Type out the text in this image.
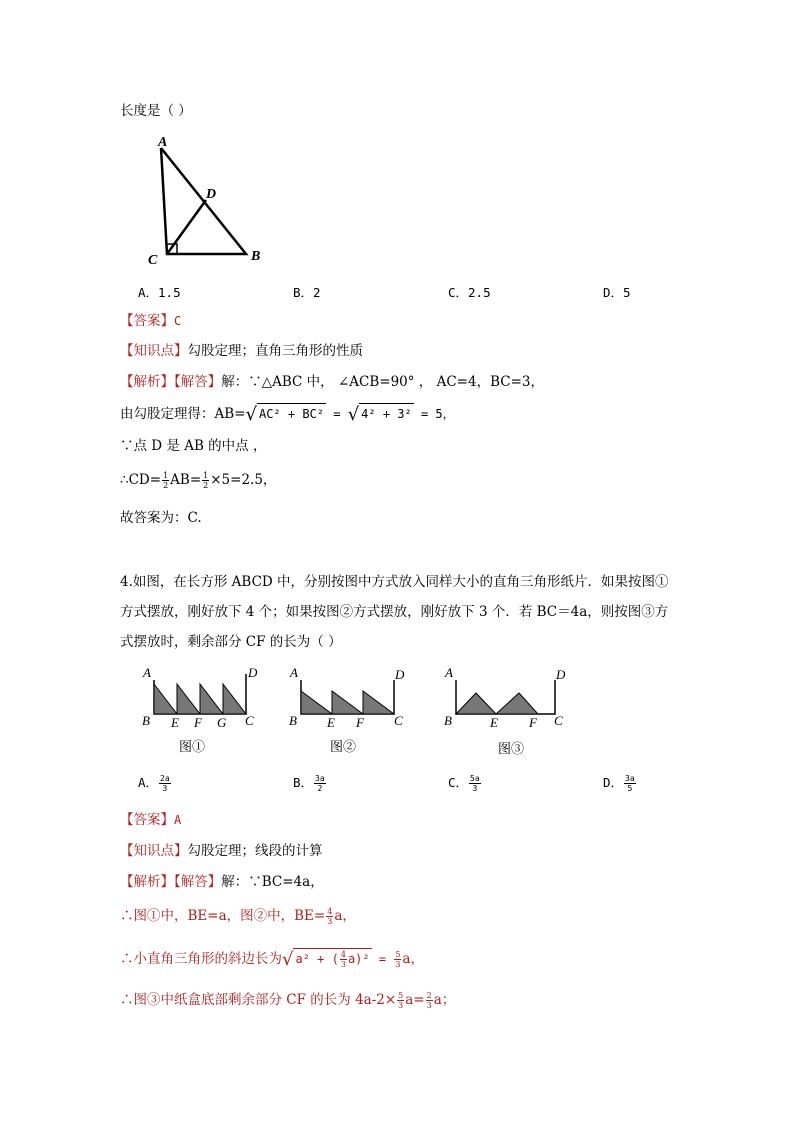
长度是（ ）
A
D
C	B
A．1.5	B．2	C．2.5	D．5
【答案】C
【知识点】勾股定理；直角三角形的性质
【解析】【解答】解：∵△ABC 中， ∠ACB=90° ， AC=4，BC=3，
由勾股定理得：AB=√ AC² + BC² = √ 4² + 3² = 5，
∵点 D 是 AB 的中点 ，
∴CD= $\frac{1}{2} AB= \frac{1}{2} \times 5=2.5$，
故答案为：C.
4.如图，在长方形 ABCD 中，分别按图中方式放入同样大小的直角三角形纸片．如果按图①
方式摆放，刚好放下 4 个；如果按图②方式摆放，刚好放下 3 个．若 BC＝4a，则按图③方
式摆放时，剩余部分 CF 的长为（ ）
A	D
B E F G C
图①
A	D
B E F C
图②
A	D
B	E F C
图③
A． $\frac{2a}{3}$	B． $\frac{3a}{2}$	C． $\frac{5a}{3}$	D． $\frac{3a}{5}$
【答案】A
【知识点】勾股定理；线段的计算
【解析】【解答】解：∵BC=4a，
∴图①中，BE=a，图②中，$BE= \frac{4}{3}$ a，
∴小直角三角形的斜边长为√ a² + ( $\frac{4}{3} a)^2 = \frac{5}{3}$ a，
∴图③中纸盒底部剩余部分 CF 的长为 $4a-2\times \frac{5}{3} a= \frac{2}{3}$ a；
